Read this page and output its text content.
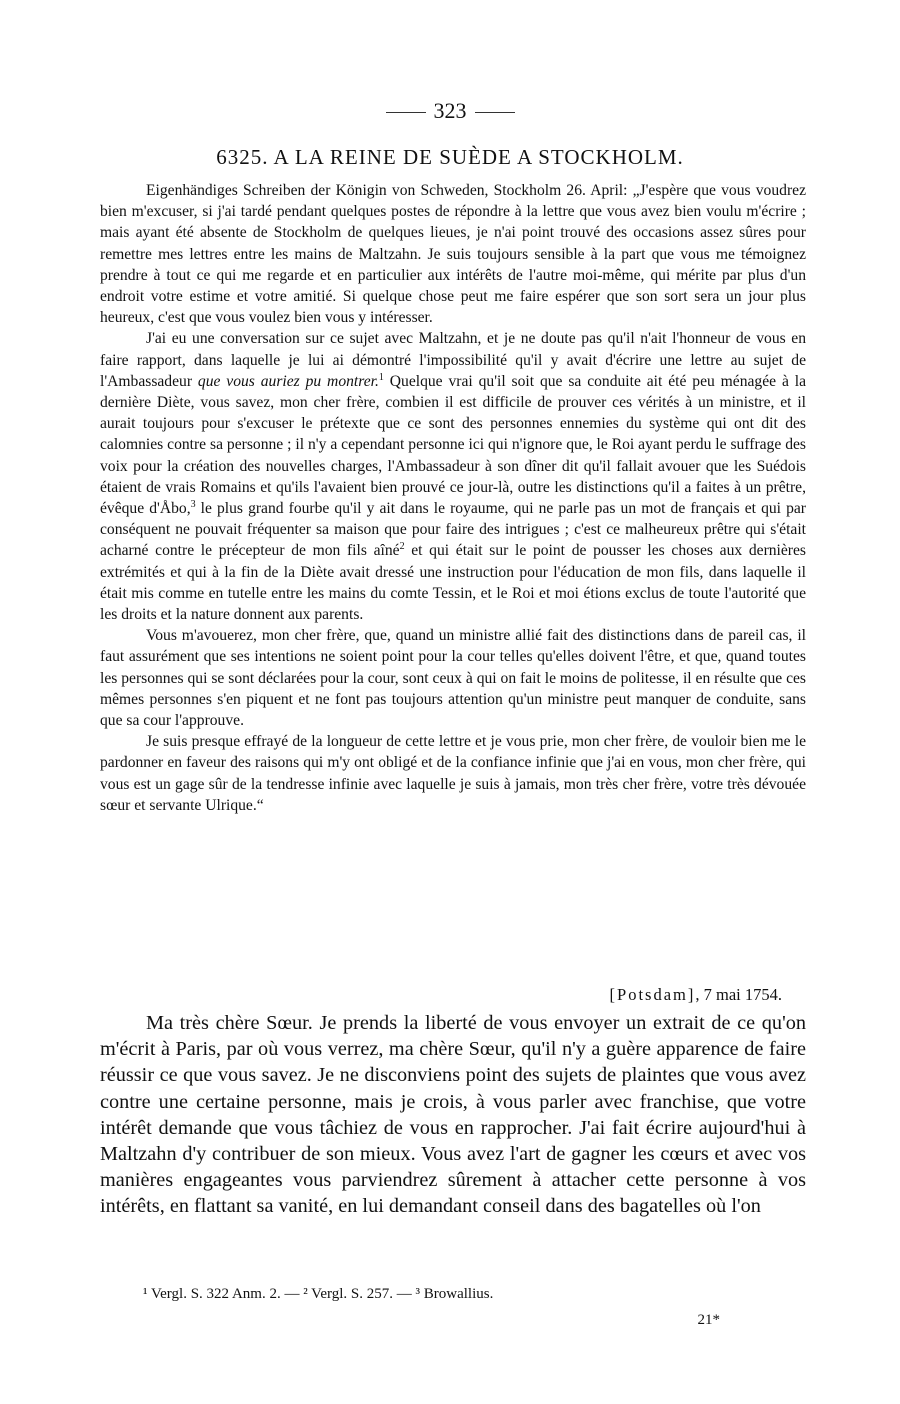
323
6325. A LA REINE DE SUÈDE A STOCKHOLM.

Eigenhändiges Schreiben der Königin von Schweden, Stockholm 26. April: „J'espère que vous voudrez bien m'excuser, si j'ai tardé pendant quelques postes de répondre à la lettre que vous avez bien voulu m'écrire ; mais ayant été absente de Stockholm de quelques lieues, je n'ai point trouvé des occasions assez sûres pour remettre mes lettres entre les mains de Maltzahn. Je suis toujours sensible à la part que vous me témoignez prendre à tout ce qui me regarde et en particulier aux intérêts de l'autre moi-même, qui mérite par plus d'un endroit votre estime et votre amitié. Si quelque chose peut me faire espérer que son sort sera un jour plus heureux, c'est que vous voulez bien vous y intéresser.

J'ai eu une conversation sur ce sujet avec Maltzahn, et je ne doute pas qu'il n'ait l'honneur de vous en faire rapport, dans laquelle je lui ai démontré l'impossibilité qu'il y avait d'écrire une lettre au sujet de l'Ambassadeur que vous auriez pu montrer.$^1$ Quelque vrai qu'il soit que sa conduite ait été peu ménagée à la dernière Diète, vous savez, mon cher frère, combien il est difficile de prouver ces vérités à un ministre, et il aurait toujours pour s'excuser le prétexte que ce sont des personnes ennemies du système qui ont dit des calomnies contre sa personne ; il n'y a cependant personne ici qui n'ignore que, le Roi ayant perdu le suffrage des voix pour la création des nouvelles charges, l'Ambassadeur à son dîner dit qu'il fallait avouer que les Suédois étaient de vrais Romains et qu'ils l'avaient bien prouvé ce jour-là, outre les distinctions qu'il a faites à un prêtre, évêque d'Åbo,$^3$ le plus grand fourbe qu'il y ait dans le royaume, qui ne parle pas un mot de français et qui par conséquent ne pouvait fréquenter sa maison que pour faire des intrigues ; c'est ce malheureux prêtre qui s'était acharné contre le précepteur de mon fils aîné$^2$ et qui était sur le point de pousser les choses aux dernières extrémités et qui à la fin de la Diète avait dressé une instruction pour l'éducation de mon fils, dans laquelle il était mis comme en tutelle entre les mains du comte Tessin, et le Roi et moi étions exclus de toute l'autorité que les droits et la nature donnent aux parents.

Vous m'avouerez, mon cher frère, que, quand un ministre allié fait des distinctions dans de pareil cas, il faut assurément que ses intentions ne soient point pour la cour telles qu'elles doivent l'être, et que, quand toutes les personnes qui se sont déclarées pour la cour, sont ceux à qui on fait le moins de politesse, il en résulte que ces mêmes personnes s'en piquent et ne font pas toujours attention qu'un ministre peut manquer de conduite, sans que sa cour l'approuve.

Je suis presque effrayé de la longueur de cette lettre et je vous prie, mon cher frère, de vouloir bien me le pardonner en faveur des raisons qui m'y ont obligé et de la confiance infinie que j'ai en vous, mon cher frère, qui vous est un gage sûr de la tendresse infinie avec laquelle je suis à jamais, mon très cher frère, votre très dévouée sœur et servante Ulrique.“

[Potsdam], 7 mai 1754.

Ma très chère Sœur. Je prends la liberté de vous envoyer un extrait de ce qu'on m'écrit à Paris, par où vous verrez, ma chère Sœur, qu'il n'y a guère apparence de faire réussir ce que vous savez. Je ne disconviens point des sujets de plaintes que vous avez contre une certaine personne, mais je crois, à vous parler avec franchise, que votre intérêt demande que vous tâchiez de vous en rapprocher. J'ai fait écrire aujourd'hui à Maltzahn d'y contribuer de son mieux. Vous avez l'art de gagner les cœurs et avec vos manières engageantes vous parviendrez sûrement à attacher cette personne à vos intérêts, en flattant sa vanité, en lui demandant conseil dans des bagatelles où l'on

¹ Vergl. S. 322 Anm. 2. — ² Vergl. S. 257. — ³ Browallius.
21*
